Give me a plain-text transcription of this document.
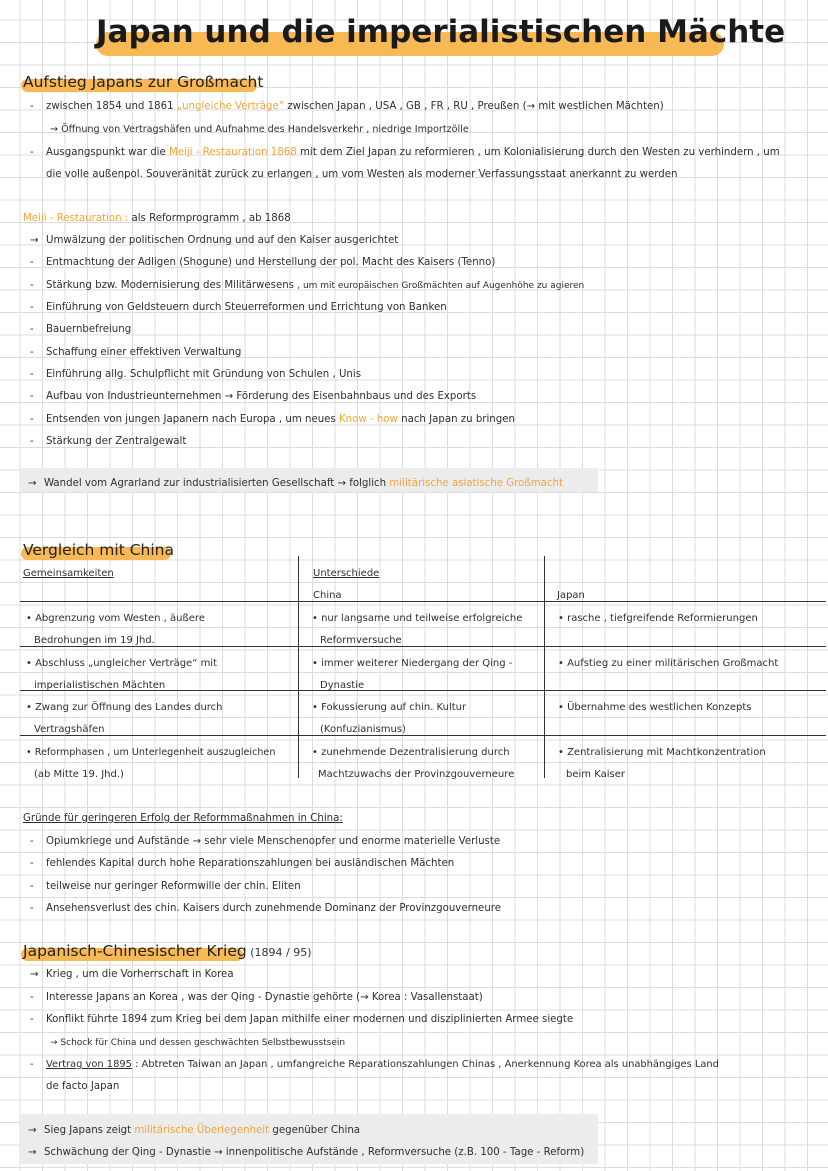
Japan und die imperialistischen Mächte
Aufstieg Japans zur Großmacht
- zwischen 1854 und 1861 „ungleiche Verträge“ zwischen Japan , USA , GB , FR , RU , Preußen (→ mit westlichen Mächten)
→ Öffnung von Vertragshäfen und Aufnahme des Handelsverkehr , niedrige Importzölle
- Ausgangspunkt war die Meiji - Restauration 1868 mit dem Ziel Japan zu reformieren , um Kolonialisierung durch den Westen zu verhindern , um
die volle außenpol. Souveränität zurück zu erlangen , um vom Westen als moderner Verfassungsstaat anerkannt zu werden
Meiji - Restauration : als Reformprogramm , ab 1868
→ Umwälzung der politischen Ordnung und auf den Kaiser ausgerichtet
- Entmachtung der Adligen (Shogune) und Herstellung der pol. Macht des Kaisers (Tenno)
- Stärkung bzw. Modernisierung des Militärwesens , um mit europäischen Großmächten auf Augenhöhe zu agieren
- Einführung von Geldsteuern durch Steuerreformen und Errichtung von Banken
- Bauernbefreiung
- Schaffung einer effektiven Verwaltung
- Einführung allg. Schulpflicht mit Gründung von Schulen , Unis
- Aufbau von Industrieunternehmen → Förderung des Eisenbahnbaus und des Exports
- Entsenden von jungen Japanern nach Europa , um neues Know - how nach Japan zu bringen
- Stärkung der Zentralgewalt
→ Wandel vom Agrarland zur industrialisierten Gesellschaft → folglich militärische asiatische Großmacht
Vergleich mit China
Gemeinsamkeiten	Unterschiede
China	Japan
• Abgrenzung vom Westen , äußere
Bedrohungen im 19 Jhd.
• nur langsame und teilweise erfolgreiche
Reformversuche
• rasche , tiefgreifende Reformierungen
• Abschluss „ungleicher Verträge“ mit
imperialistischen Mächten
• immer weiterer Niedergang der Qing -
Dynastie
• Aufstieg zu einer militärischen Großmacht
• Zwang zur Öffnung des Landes durch
Vertragshäfen
• Fokussierung auf chin. Kultur
(Konfuzianismus)
• Übernahme des westlichen Konzepts
• Reformphasen , um Unterlegenheit auszugleichen
(ab Mitte 19. Jhd.)
• zunehmende Dezentralisierung durch
Machtzuwachs der Provinzgouverneure
• Zentralisierung mit Machtkonzentration
beim Kaiser
Gründe für geringeren Erfolg der Reformmaßnahmen in China:
- Opiumkriege und Aufstände → sehr viele Menschenopfer und enorme materielle Verluste
- fehlendes Kapital durch hohe Reparationszahlungen bei ausländischen Mächten
- teilweise nur geringer Reformwille der chin. Eliten
- Ansehensverlust des chin. Kaisers durch zunehmende Dominanz der Provinzgouverneure
Japanisch-Chinesischer Krieg (1894 / 95)
→ Krieg , um die Vorherrschaft in Korea
- Interesse Japans an Korea , was der Qing - Dynastie gehörte (→ Korea : Vasallenstaat)
- Konflikt führte 1894 zum Krieg bei dem Japan mithilfe einer modernen und disziplinierten Armee siegte
→ Schock für China und dessen geschwächten Selbstbewusstsein
- Vertrag von 1895 : Abtreten Taiwan an Japan , umfangreiche Reparationszahlungen Chinas , Anerkennung Korea als unabhängiges Land
de facto Japan
→ Sieg Japans zeigt militärische Überlegenheit gegenüber China
→ Schwächung der Qing - Dynastie → innenpolitische Aufstände , Reformversuche (z.B. 100 - Tage - Reform)
